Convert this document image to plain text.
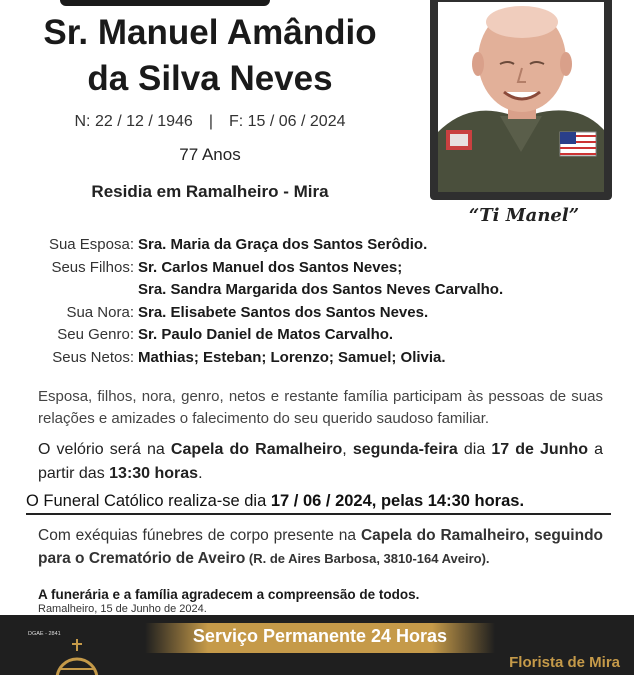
Sr. Manuel Amândio
da Silva Neves
N: 22 / 12 / 1946 | F: 15 / 06 / 2024
77 Anos
Residia em Ramalheiro - Mira
“Ti Manel”
Sua Esposa: Sra. Maria da Graça dos Santos Serôdio.
Seus Filhos: Sr. Carlos Manuel dos Santos Neves;
Sra. Sandra Margarida dos Santos Neves Carvalho.
Sua Nora: Sra. Elisabete Santos dos Santos Neves.
Seu Genro: Sr. Paulo Daniel de Matos Carvalho.
Seus Netos: Mathias; Esteban; Lorenzo; Samuel; Olivia.
Esposa, filhos, nora, genro, netos e restante família participam às pessoas de suas relações e amizades o falecimento do seu querido saudoso familiar.
O velório será na Capela do Ramalheiro, segunda-feira dia 17 de Junho a partir das 13:30 horas.
O Funeral Católico realiza-se dia 17 / 06 / 2024, pelas 14:30 horas.
Com exéquias fúnebres de corpo presente na Capela do Ramalheiro, seguindo para o Crematório de Aveiro (R. de Aires Barbosa, 3810-164 Aveiro).
A funerária e a família agradecem a compreensão de todos.
Ramalheiro, 15 de Junho de 2024.
DGAE - 2841	Serviço Permanente 24 Horas
Florista de Mira
